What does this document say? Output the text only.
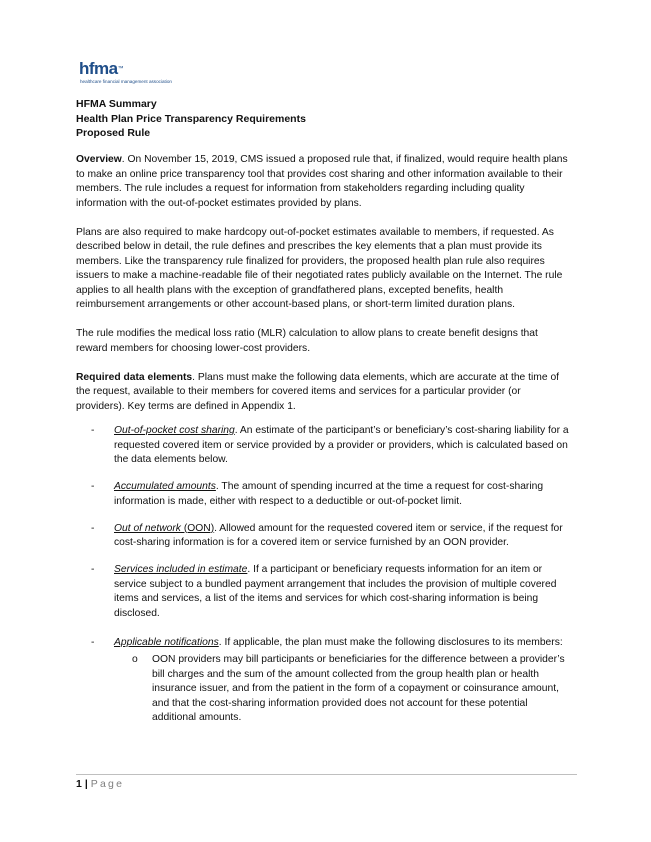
hfma™
healthcare financial management association
HFMA Summary
Health Plan Price Transparency Requirements
Proposed Rule

Overview. On November 15, 2019, CMS issued a proposed rule that, if finalized, would require health plans to make an online price transparency tool that provides cost sharing and other information available to their members. The rule includes a request for information from stakeholders regarding including quality information with the out-of-pocket estimates provided by plans.

Plans are also required to make hardcopy out-of-pocket estimates available to members, if requested. As described below in detail, the rule defines and prescribes the key elements that a plan must provide its members. Like the transparency rule finalized for providers, the proposed health plan rule also requires issuers to make a machine-readable file of their negotiated rates publicly available on the Internet. The rule applies to all health plans with the exception of grandfathered plans, excepted benefits, health reimbursement arrangements or other account-based plans, or short-term limited duration plans.

The rule modifies the medical loss ratio (MLR) calculation to allow plans to create benefit designs that reward members for choosing lower-cost providers.

Required data elements. Plans must make the following data elements, which are accurate at the time of the request, available to their members for covered items and services for a particular provider (or providers). Key terms are defined in Appendix 1.

- Out-of-pocket cost sharing. An estimate of the participant’s or beneficiary’s cost-sharing liability for a requested covered item or service provided by a provider or providers, which is calculated based on the data elements below.
- Accumulated amounts. The amount of spending incurred at the time a request for cost-sharing information is made, either with respect to a deductible or out-of-pocket limit.
- Out of network (OON). Allowed amount for the requested covered item or service, if the request for cost-sharing information is for a covered item or service furnished by an OON provider.
- Services included in estimate. If a participant or beneficiary requests information for an item or service subject to a bundled payment arrangement that includes the provision of multiple covered items and services, a list of the items and services for which cost-sharing information is being disclosed.
- Applicable notifications. If applicable, the plan must make the following disclosures to its members:
o OON providers may bill participants or beneficiaries for the difference between a provider’s bill charges and the sum of the amount collected from the group health plan or health insurance issuer, and from the patient in the form of a copayment or coinsurance amount, and that the cost-sharing information provided does not account for these potential additional amounts.
1 | Page
